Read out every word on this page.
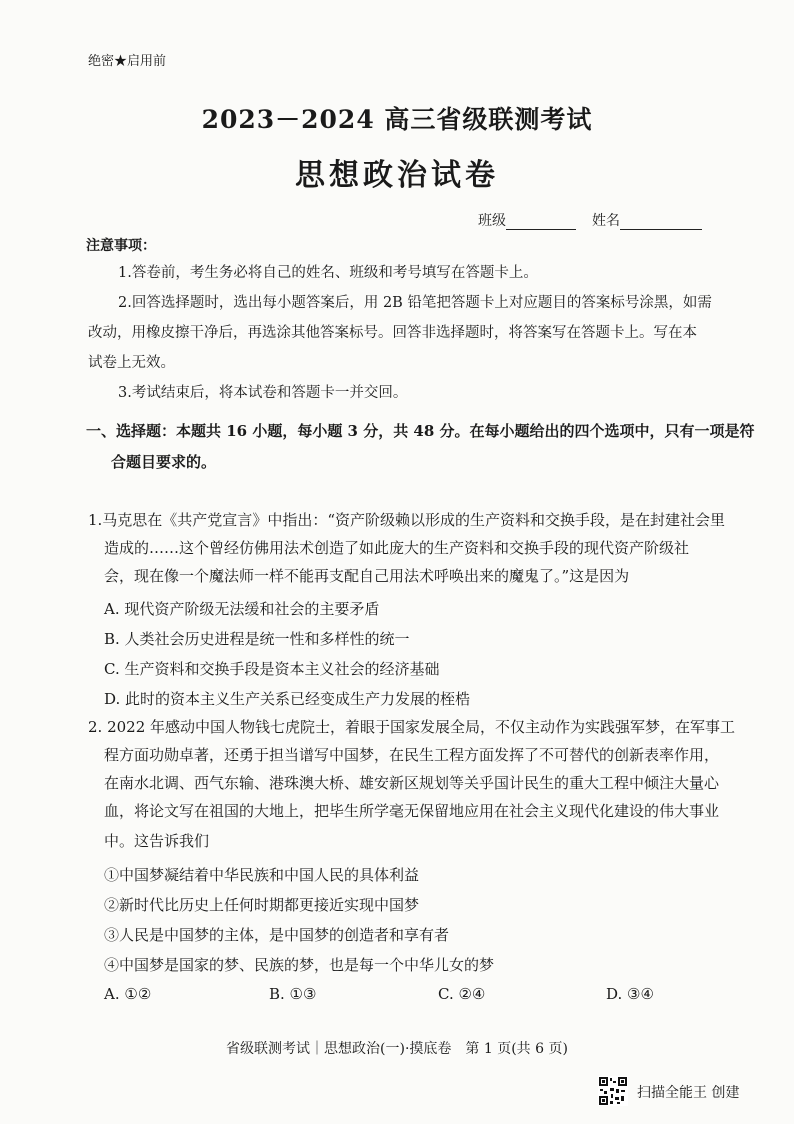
绝密★启用前
2023－2024 高三省级联测考试
思想政治试卷
班级	姓名
注意事项：
1.答卷前，考生务必将自己的姓名、班级和考号填写在答题卡上。
2.回答选择题时，选出每小题答案后，用 2B 铅笔把答题卡上对应题目的答案标号涂黑，如需
改动，用橡皮擦干净后，再选涂其他答案标号。回答非选择题时，将答案写在答题卡上。写在本
试卷上无效。
3.考试结束后，将本试卷和答题卡一并交回。
一、选择题：本题共 16 小题，每小题 3 分，共 48 分。在每小题给出的四个选项中，只有一项是符
合题目要求的。
1.马克思在《共产党宣言》中指出：“资产阶级赖以形成的生产资料和交换手段，是在封建社会里
造成的……这个曾经仿佛用法术创造了如此庞大的生产资料和交换手段的现代资产阶级社
会，现在像一个魔法师一样不能再支配自己用法术呼唤出来的魔鬼了。”这是因为
A. 现代资产阶级无法缓和社会的主要矛盾
B. 人类社会历史进程是统一性和多样性的统一
C. 生产资料和交换手段是资本主义社会的经济基础
D. 此时的资本主义生产关系已经变成生产力发展的桎梏
2. 2022 年感动中国人物钱七虎院士，着眼于国家发展全局，不仅主动作为实践强军梦，在军事工
程方面功勋卓著，还勇于担当谱写中国梦，在民生工程方面发挥了不可替代的创新表率作用，
在南水北调、西气东输、港珠澳大桥、雄安新区规划等关乎国计民生的重大工程中倾注大量心
血，将论文写在祖国的大地上，把毕生所学毫无保留地应用在社会主义现代化建设的伟大事业
中。这告诉我们
①中国梦凝结着中华民族和中国人民的具体利益
②新时代比历史上任何时期都更接近实现中国梦
③人民是中国梦的主体，是中国梦的创造者和享有者
④中国梦是国家的梦、民族的梦，也是每一个中华儿女的梦
A. ①②	B. ①③	C. ②④	D. ③④
省级联测考试｜思想政治(一)·摸底卷　第 1 页(共 6 页)
扫描全能王 创建
